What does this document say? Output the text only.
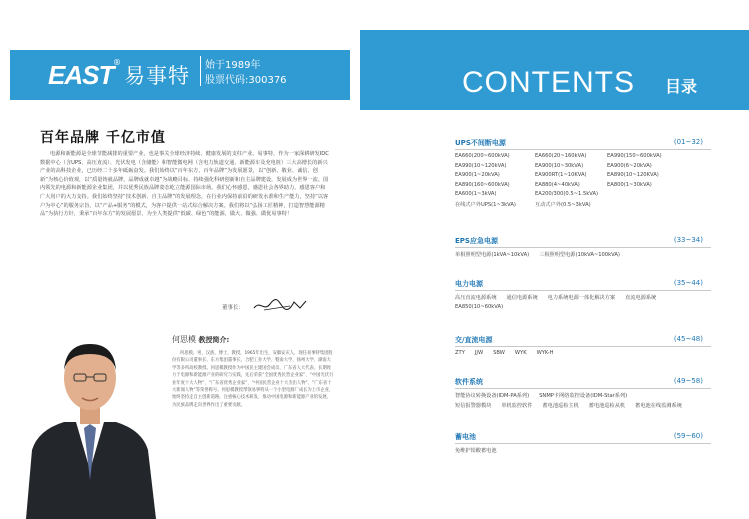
EAST ®
易事特 始于1989年
股票代码:300376	CONTENTS 目录
百年品牌 千亿市值

电源和新能源是全球节能减排的重要产业，也是事关全球经济持续、健康发展的支柱产业。易事特，作为一家深耕研发IDC数据中心（含UPS、高压直流）、光伏发电（含储能）和智能微电网（含电力轨道交通、新能源车及充电桩）三大高增长的新兴产业的高科技企业，已历经二十多年砥砺奋发。我们始终以“百年东方，百年品牌”为发展愿景，以“创新、敬业、诚信、创新”为核心价值观，以“质量铸就品牌，品牌成就卓越”为战略目标，持续强化科研创新和自主品牌建设，发展成为世界一流、国内领先的电源和新能源企业集团，并以优秀民族品牌姿态屹立能源国际市场。我们心怀感恩，感恩社会各界助力，感恩客户和广大用户的大力支持。我们始终坚持“技术创新、自主品牌”的发展理念，在行业内保持前沿的研发水准和生产能力，坚持“以客户为中心”的服务宗旨，以“产品+服务”的模式，为客户提供一站式综合解决方案。我们将以“弘扬工匠精神，打造智慧能源精品”为执行方针，秉承“百年东方”的发展愿景，为全人类提供“低碳、绿色”的能源，做大、做强、做优易事特！

董事长：
何思模 教授简介:

何思模，男，汉族，博士，教授，1965年出生，安徽安庆人，现任易事特集团股份有限公司董事长、东方集团董事长，合肥工业大学、暨南大学、扬州大学、湖南大学等多所高校教授。何思模教授作为中国民主建国会成员、广东省人大代表，长期致力于电源和新能源产业的研究与实践，先后荣获“全国优秀民营企业家”、“中国光伏行业年度十大人物”、“广东省优秀企业家”、“中国民营企业十大杰出人物”、“广东省十大新闻人物”等荣誉称号。何思模教授带领易事特从一个小型电源厂成长为上市企业，始终坚持走自主创新道路，注重核心技术研发，推动中国电源和新能源产业的发展，为民族品牌走向世界作出了重要贡献。

UPS不间断电源	(01~32)
EA660(200~600kVA)	EA660(20~160kVA)	EA990(150~600kVA)
EA990(10~120kVA)	EA900(10~30kVA)	EA900(6~20kVA)
EA900(1~20kVA)	EA900RT(1~10KVA)	EA890(10~120KVA)
EA890(160~600kVA)	EA880(4~40kVA)	EA800(1~30kVA)
EA600(1~3kVA)	EA200/300(0.5~1.5kVA)
在线式户外UPS(1~3kVA)	互动式户外(0.5~3kVA)
EPS应急电源	(33~34)
单相照明型电源(1kVA~10kVA) 三相照明型电源(10kVA~100kVA)
电力电源	(35~44)
高压直流电源系统 通信电源系统 电力系统电源一体化解决方案 直流电源系统
EA850(10~60kVA)
交/直流电源	(45~48)
ZTY JJW SBW WYK WYK-H
软件系统	(49~58)
智能协议转换设备(IDM-PA系列) SNMP卡网络监控设备(IDM-Star系列)
短信报警器模块 单机监控软件 蓄电池巡检主机 蓄电池巡检从机 蓄电池在线监测系统
蓄电池	(59~60)
免维护铅酸蓄电池
